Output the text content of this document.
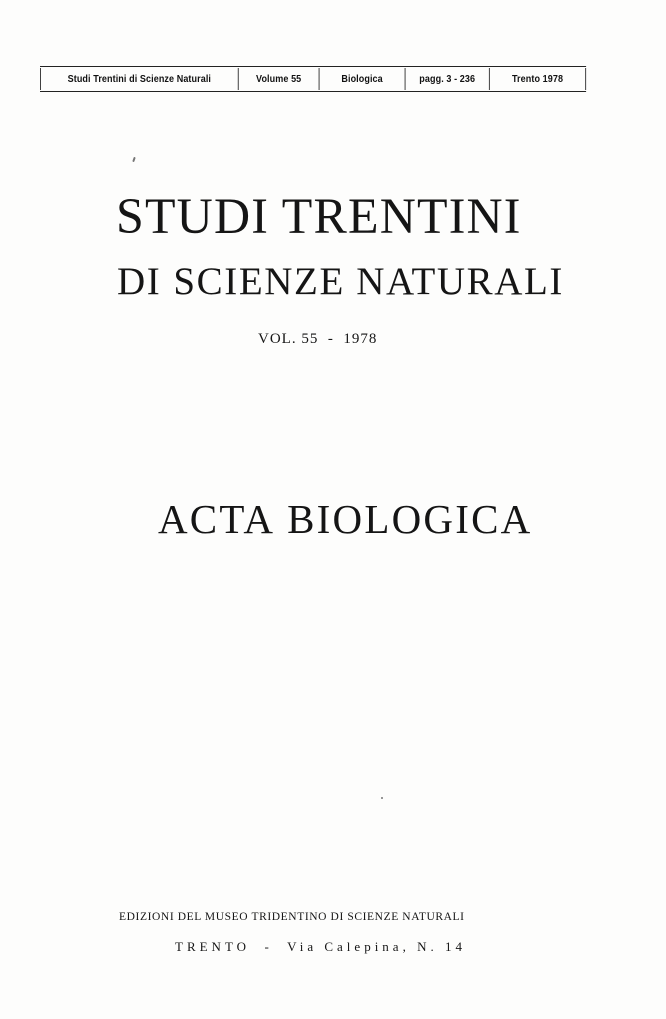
Studi Trentini di Scienze Naturali	Volume 55	Biologica	pagg. 3 - 236	Trento 1978
STUDI TRENTINI
DI SCIENZE NATURALI
VOL. 55  -  1978
ACTA BIOLOGICA
EDIZIONI DEL MUSEO TRIDENTINO DI SCIENZE NATURALI
TRENTO  -  Via Calepina, N. 14
